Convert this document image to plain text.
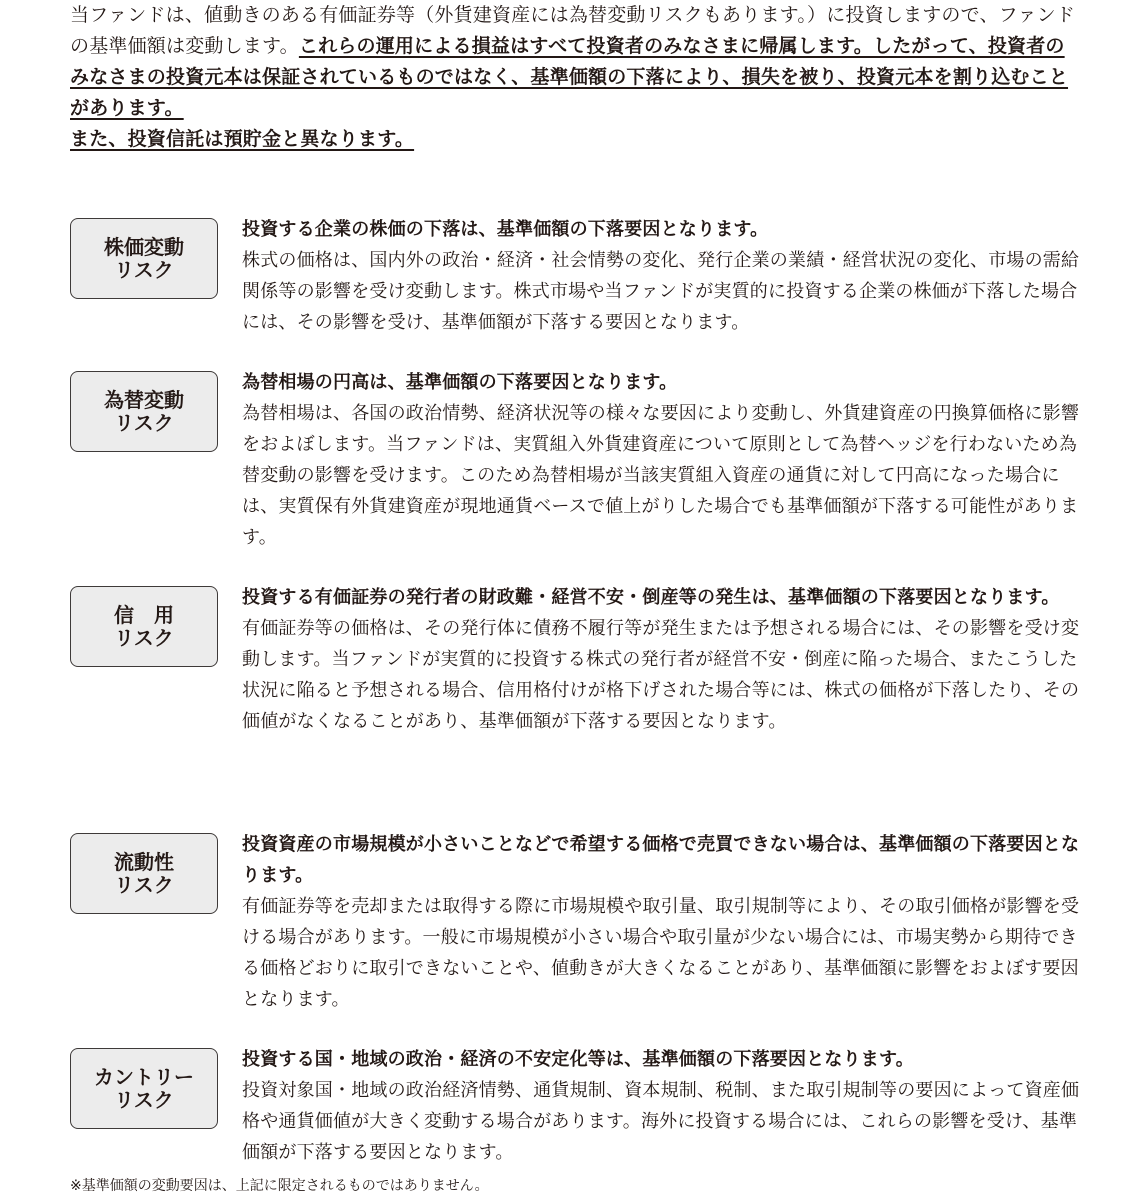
当ファンドは、値動きのある有価証券等（外貨建資産には為替変動リスクもあります。）に投資しますので、ファンドの基準価額は変動します。これらの運用による損益はすべて投資者のみなさまに帰属します。したがって、投資者のみなさまの投資元本は保証されているものではなく、基準価額の下落により、損失を被り、投資元本を割り込むことがあります。

また、投資信託は預貯金と異なります。

株価変動
リスク
投資する企業の株価の下落は、基準価額の下落要因となります。
株式の価格は、国内外の政治・経済・社会情勢の変化、発行企業の業績・経営状況の変化、市場の需給関係等の影響を受け変動します。株式市場や当ファンドが実質的に投資する企業の株価が下落した場合には、その影響を受け、基準価額が下落する要因となります。
為替変動
リスク
為替相場の円高は、基準価額の下落要因となります。
為替相場は、各国の政治情勢、経済状況等の様々な要因により変動し、外貨建資産の円換算価格に影響をおよぼします。当ファンドは、実質組入外貨建資産について原則として為替ヘッジを行わないため為替変動の影響を受けます。このため為替相場が当該実質組入資産の通貨に対して円高になった場合には、実質保有外貨建資産が現地通貨ベースで値上がりした場合でも基準価額が下落する可能性があります。
信　用
リスク
投資する有価証券の発行者の財政難・経営不安・倒産等の発生は、基準価額の下落要因となります。
有価証券等の価格は、その発行体に債務不履行等が発生または予想される場合には、その影響を受け変動します。当ファンドが実質的に投資する株式の発行者が経営不安・倒産に陥った場合、またこうした状況に陥ると予想される場合、信用格付けが格下げされた場合等には、株式の価格が下落したり、その価値がなくなることがあり、基準価額が下落する要因となります。
流動性
リスク
投資資産の市場規模が小さいことなどで希望する価格で売買できない場合は、基準価額の下落要因となります。
有価証券等を売却または取得する際に市場規模や取引量、取引規制等により、その取引価格が影響を受ける場合があります。一般に市場規模が小さい場合や取引量が少ない場合には、市場実勢から期待できる価格どおりに取引できないことや、値動きが大きくなることがあり、基準価額に影響をおよぼす要因となります。
カントリー
リスク
投資する国・地域の政治・経済の不安定化等は、基準価額の下落要因となります。
投資対象国・地域の政治経済情勢、通貨規制、資本規制、税制、また取引規制等の要因によって資産価格や通貨価値が大きく変動する場合があります。海外に投資する場合には、これらの影響を受け、基準価額が下落する要因となります。
※基準価額の変動要因は、上記に限定されるものではありません。
